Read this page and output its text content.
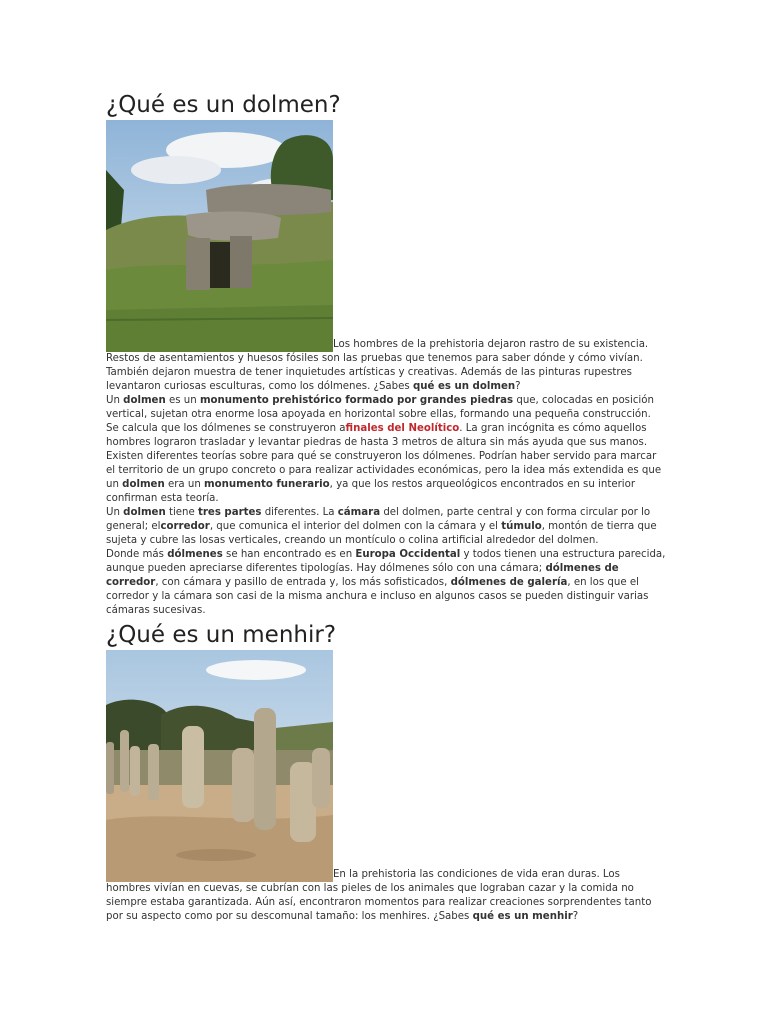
¿Qué es un dolmen?

Los hombres de la prehistoria dejaron rastro de su existencia. Restos de asentamientos y huesos fósiles son las pruebas que tenemos para saber dónde y cómo vivían. También dejaron muestra de tener inquietudes artísticas y creativas. Además de las pinturas rupestres levantaron curiosas esculturas, como los dólmenes. ¿Sabes qué es un dolmen?

Un dolmen es un monumento prehistórico formado por grandes piedras que, colocadas en posición vertical, sujetan otra enorme losa apoyada en horizontal sobre ellas, formando una pequeña construcción. Se calcula que los dólmenes se construyeron afinales del Neolítico. La gran incógnita es cómo aquellos hombres lograron trasladar y levantar piedras de hasta 3 metros de altura sin más ayuda que sus manos. Existen diferentes teorías sobre para qué se construyeron los dólmenes. Podrían haber servido para marcar el territorio de un grupo concreto o para realizar actividades económicas, pero la idea más extendida es que un dolmen era un monumento funerario, ya que los restos arqueológicos encontrados en su interior confirman esta teoría.

Un dolmen tiene tres partes diferentes. La cámara del dolmen, parte central y con forma circular por lo general; elcorredor, que comunica el interior del dolmen con la cámara y el túmulo, montón de tierra que sujeta y cubre las losas verticales, creando un montículo o colina artificial alrededor del dolmen.

Donde más dólmenes se han encontrado es en Europa Occidental y todos tienen una estructura parecida, aunque pueden apreciarse diferentes tipologías. Hay dólmenes sólo con una cámara; dólmenes de corredor, con cámara y pasillo de entrada y, los más sofisticados, dólmenes de galería, en los que el corredor y la cámara son casi de la misma anchura e incluso en algunos casos se pueden distinguir varias cámaras sucesivas.

¿Qué es un menhir?

En la prehistoria las condiciones de vida eran duras. Los hombres vivían en cuevas, se cubrían con las pieles de los animales que lograban cazar y la comida no siempre estaba garantizada. Aún así, encontraron momentos para realizar creaciones sorprendentes tanto por su aspecto como por su descomunal tamaño: los menhires. ¿Sabes qué es un menhir?
